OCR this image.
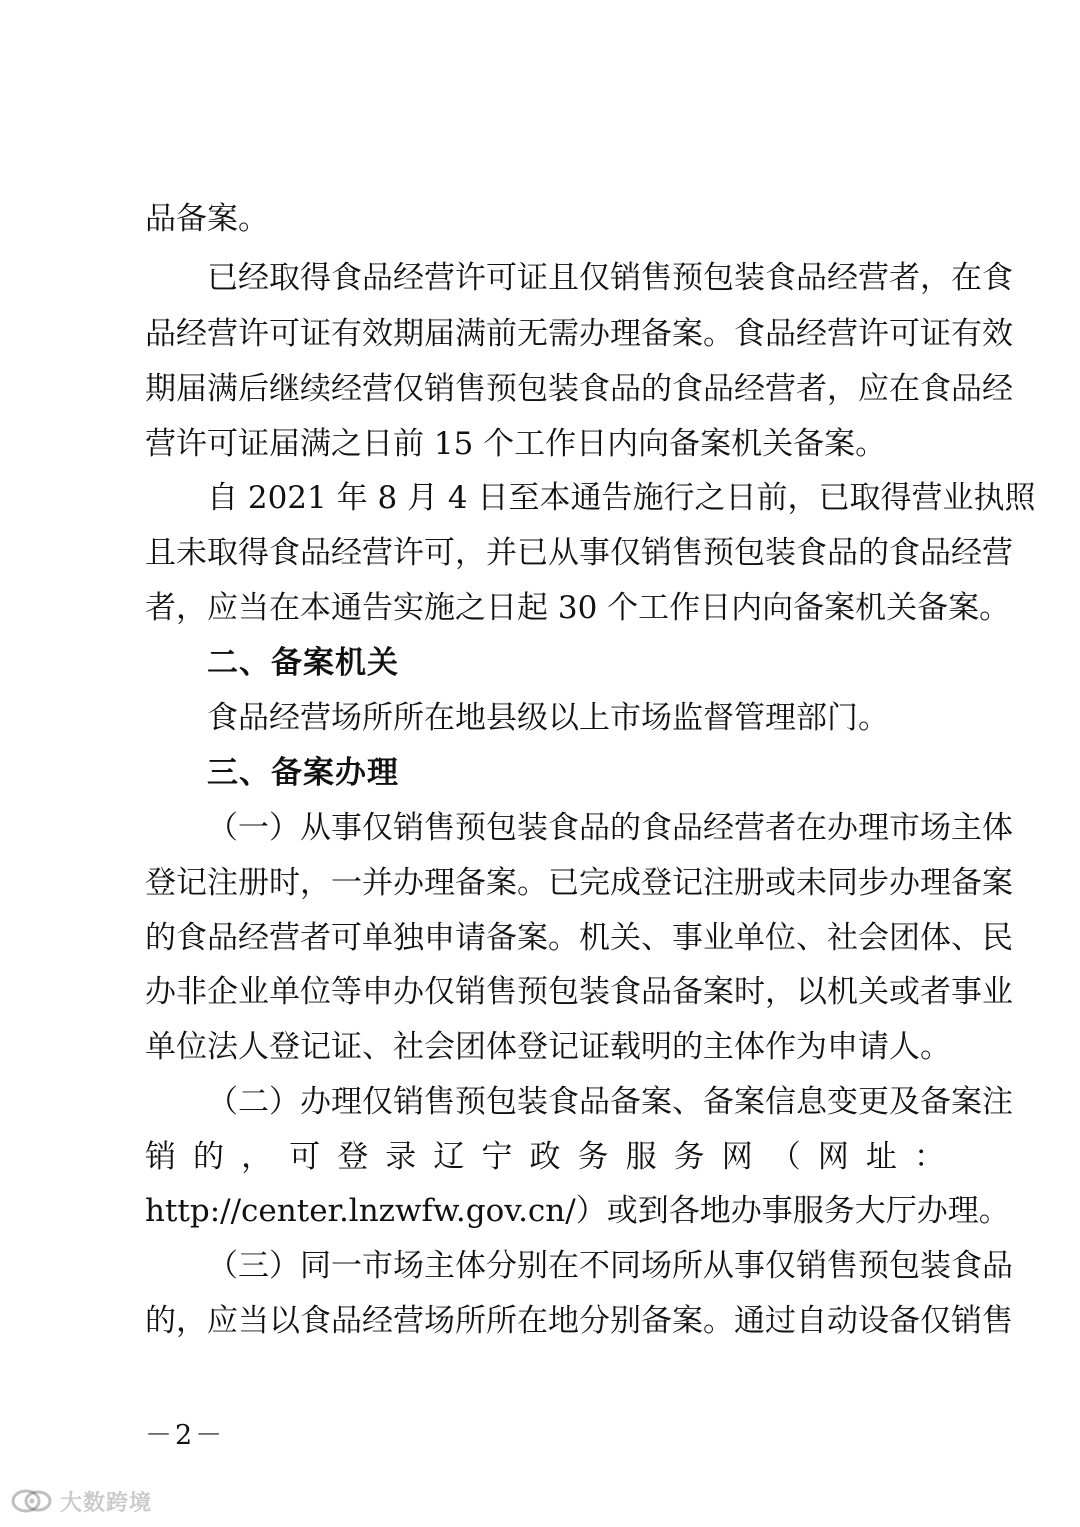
品备案。
已经取得食品经营许可证且仅销售预包装食品经营者，在食
品经营许可证有效期届满前无需办理备案。食品经营许可证有效
期届满后继续经营仅销售预包装食品的食品经营者，应在食品经
营许可证届满之日前 15 个工作日内向备案机关备案。
自 2021 年 8 月 4 日至本通告施行之日前，已取得营业执照
且未取得食品经营许可，并已从事仅销售预包装食品的食品经营
者，应当在本通告实施之日起 30 个工作日内向备案机关备案。
二、备案机关
食品经营场所所在地县级以上市场监督管理部门。
三、备案办理
（一）从事仅销售预包装食品的食品经营者在办理市场主体
登记注册时，一并办理备案。已完成登记注册或未同步办理备案
的食品经营者可单独申请备案。机关、事业单位、社会团体、民
办非企业单位等申办仅销售预包装食品备案时，以机关或者事业
单位法人登记证、社会团体登记证载明的主体作为申请人。
（二）办理仅销售预包装食品备案、备案信息变更及备案注
销的，可登录辽宁政务服务网（网址：
http://center.lnzwfw.gov.cn/）或到各地办事服务大厅办理。
（三）同一市场主体分别在不同场所从事仅销售预包装食品
的，应当以食品经营场所所在地分别备案。通过自动设备仅销售
－2－
大数跨境
